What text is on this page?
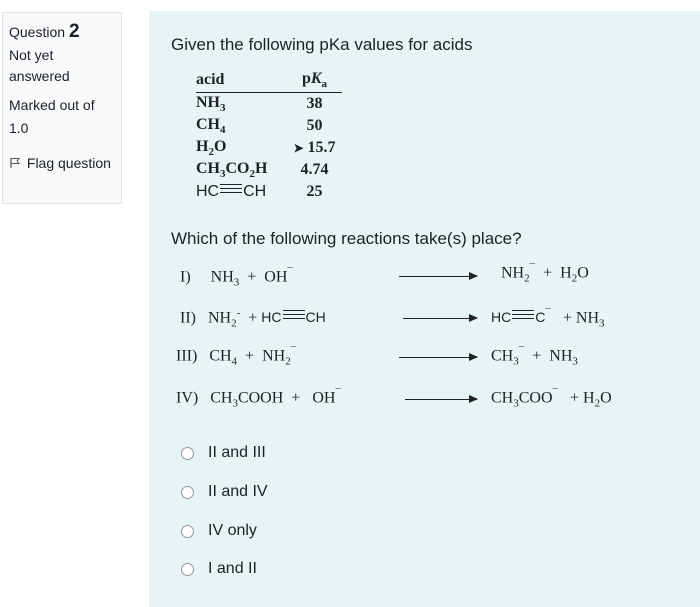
Question 2
Not yet answered
Marked out of
1.0
Flag question
Given the following pKa values for acids
acid	$pK_a$
$NH_3$	38
$CH_4$	50
$H_2O$	➤ 15.7
$CH_3CO_2H$	4.74
HC CH	25
Which of the following reactions take(s) place?
I)     $NH_3 + OH^¯$	$NH_2^¯ + H_2O$
II)   $NH_2^-$  + HC CH	HC $C^¯ + NH_3$
III)   $CH_4 + NH_2^¯$	$CH_3^¯ + NH_3$
IV)   $CH_3COOH + OH^¯$	$CH_3COO^¯ + H_2O$
II and III
II and IV
IV only
I and II
